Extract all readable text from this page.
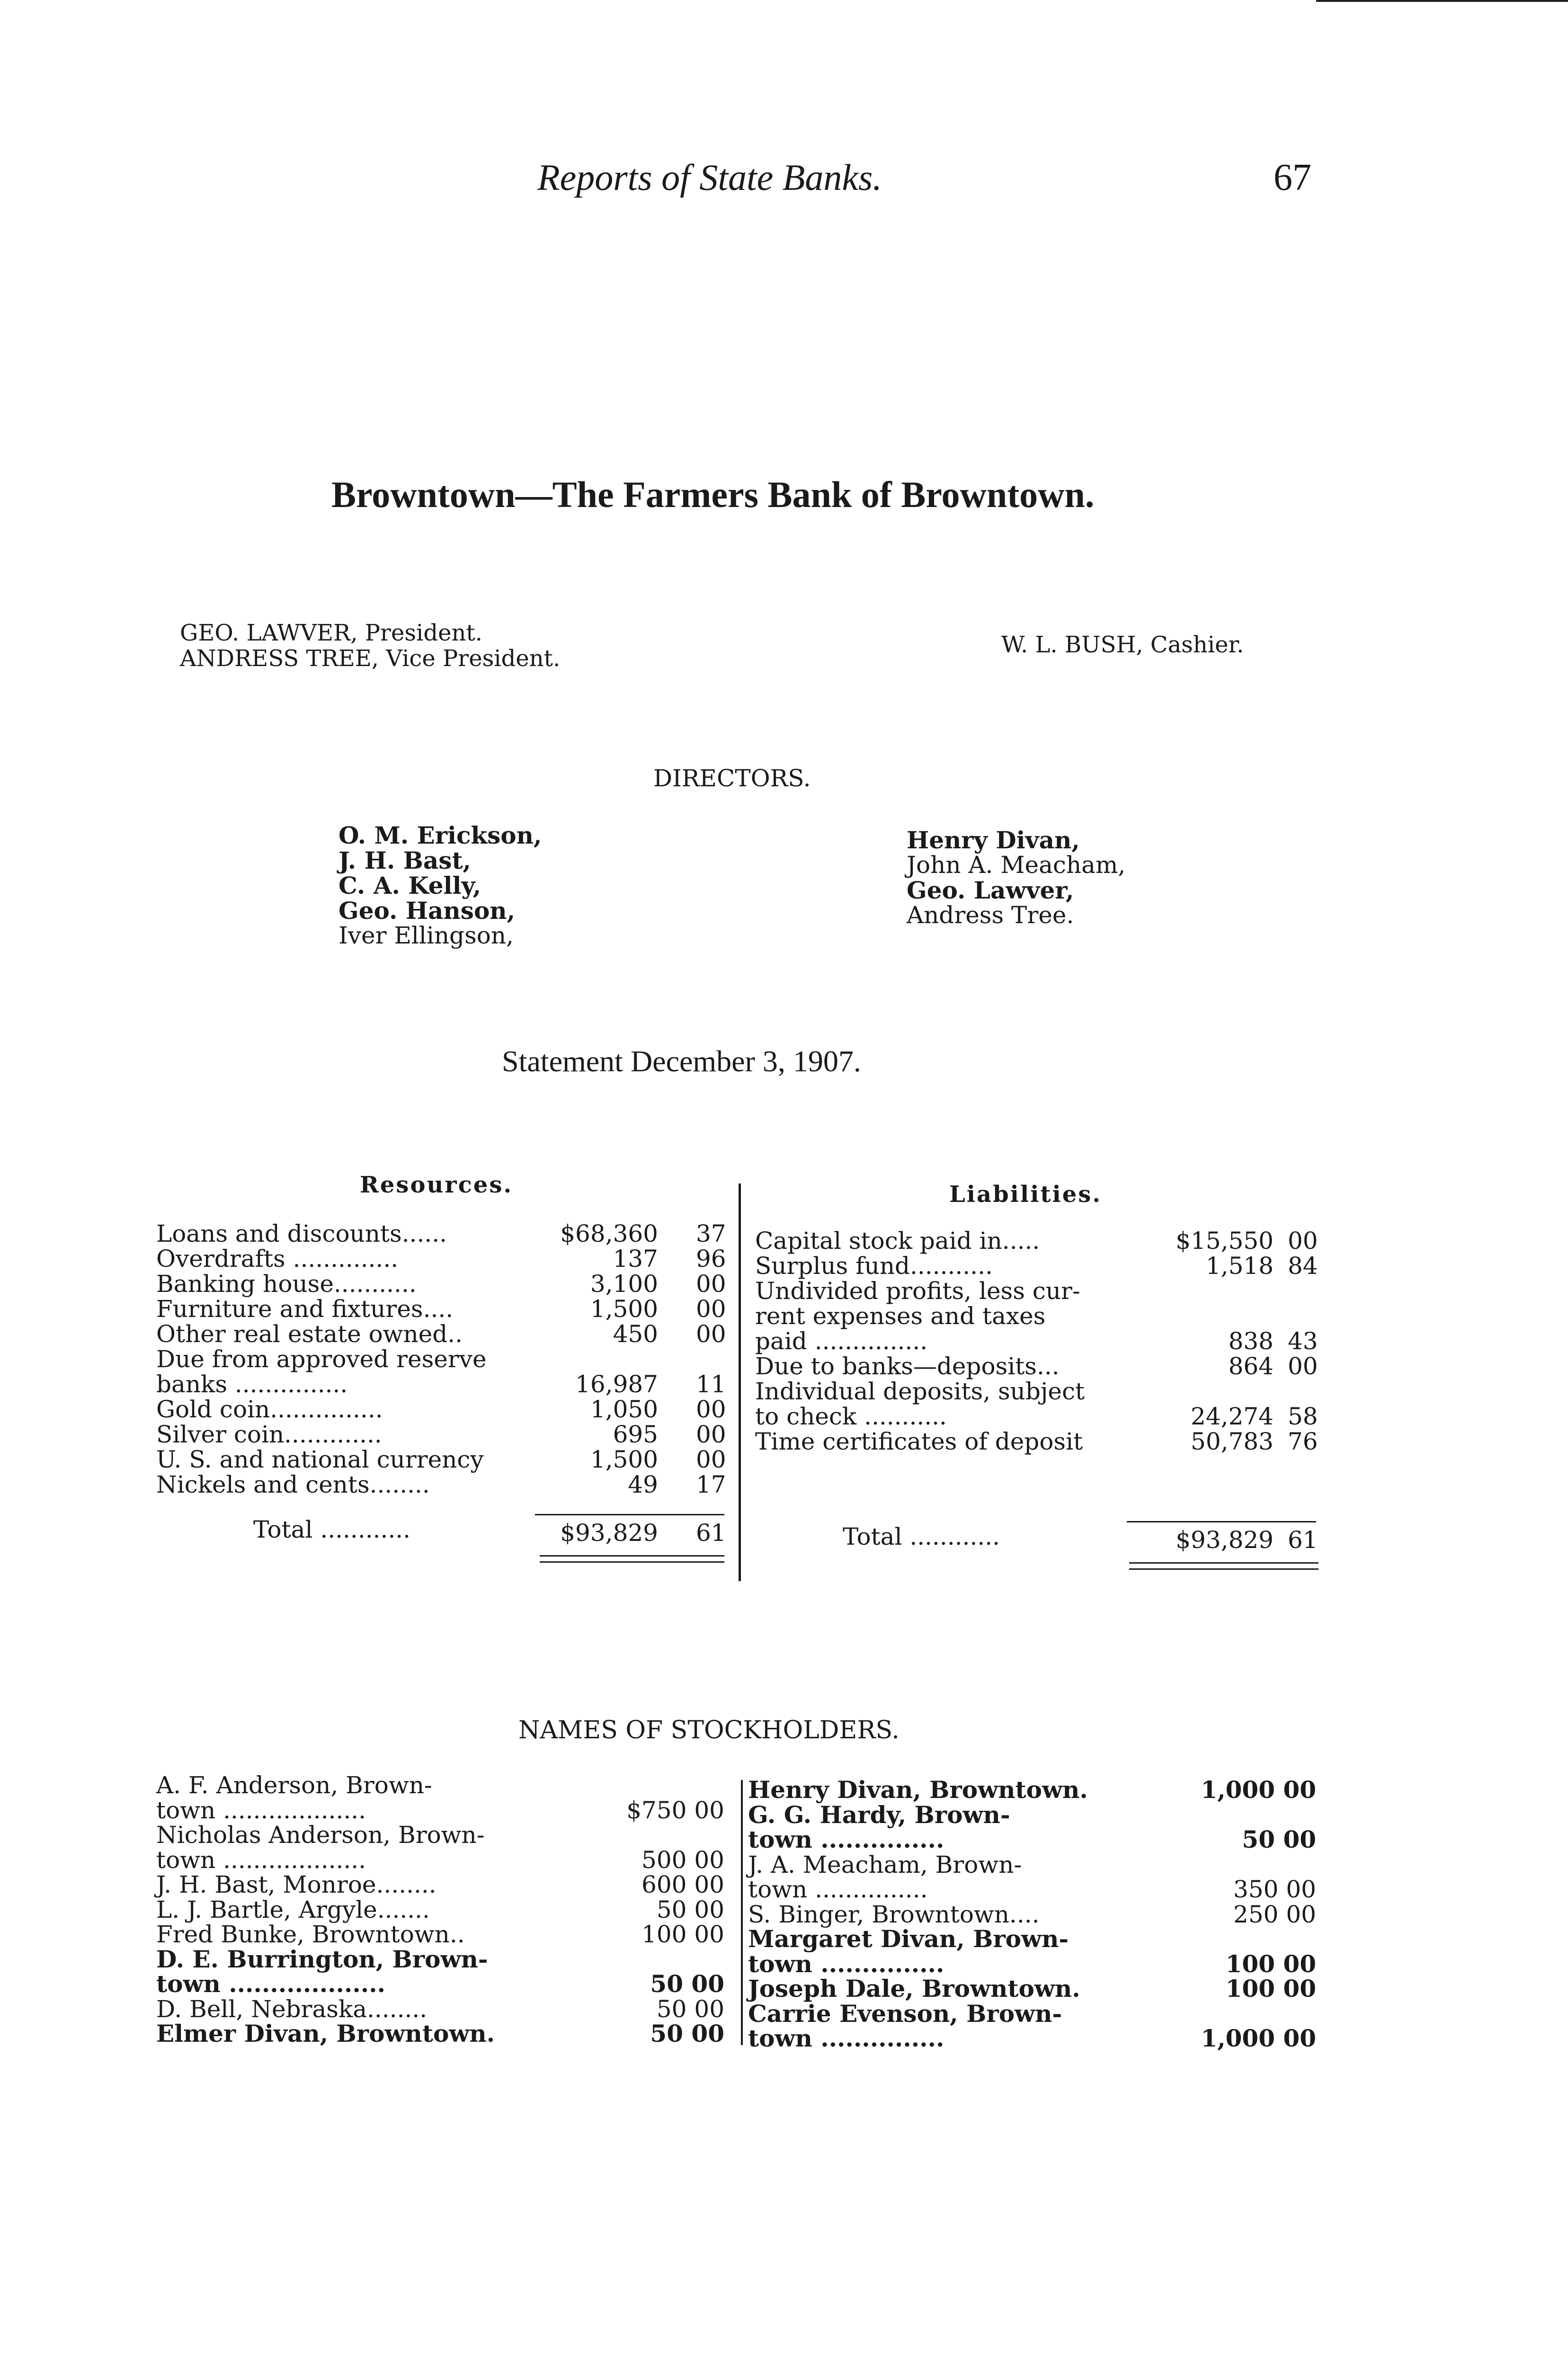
Reports of State Banks.	67
Browntown—The Farmers Bank of Browntown.
GEO. LAWVER, President.
ANDRESS TREE, Vice President.
W. L. BUSH, Cashier.
DIRECTORS.
O. M. Erickson,
J. H. Bast,
C. A. Kelly,
Geo. Hanson,
Iver Ellingson,
Henry Divan,
John A. Meacham,
Geo. Lawver,
Andress Tree.
Statement December 3, 1907.
Resources.	Liabilities.
Loans and discounts......	$68,360 37
Overdrafts ..............	137 96
Banking house...........	3,100 00
Furniture and fixtures....	1,500 00
Other real estate owned..	450 00
Due from approved reserve
banks ...............	16,987 11
Gold coin...............	1,050 00
Silver coin.............	695 00
U. S. and national currency	1,500 00
Nickels and cents........	49 17
Capital stock paid in.....	$15,550 00
Surplus fund...........	1,518 84
Undivided profits, less cur-
rent expenses and taxes
paid ...............	838 43
Due to banks—deposits...	864 00
Individual deposits, subject
to check ...........	24,274 58
Time certificates of deposit	50,783 76
Total ............	$93,829 61	Total ............	$93,829 61
NAMES OF STOCKHOLDERS.
A. F. Anderson, Brown-
town ...................	$750 00
Nicholas Anderson, Brown-
town ...................	500 00
J. H. Bast, Monroe........	600 00
L. J. Bartle, Argyle.......	50 00
Fred Bunke, Browntown..	100 00
D. E. Burrington, Brown-
town ...................	50 00
D. Bell, Nebraska........	50 00
Elmer Divan, Browntown.	50 00
Henry Divan, Browntown.	1,000 00
G. G. Hardy, Brown-
town ...............	50 00
J. A. Meacham, Brown-
town ...............	350 00
S. Binger, Browntown....	250 00
Margaret Divan, Brown-
town ...............	100 00
Joseph Dale, Browntown.	100 00
Carrie Evenson, Brown-
town ...............	1,000 00
